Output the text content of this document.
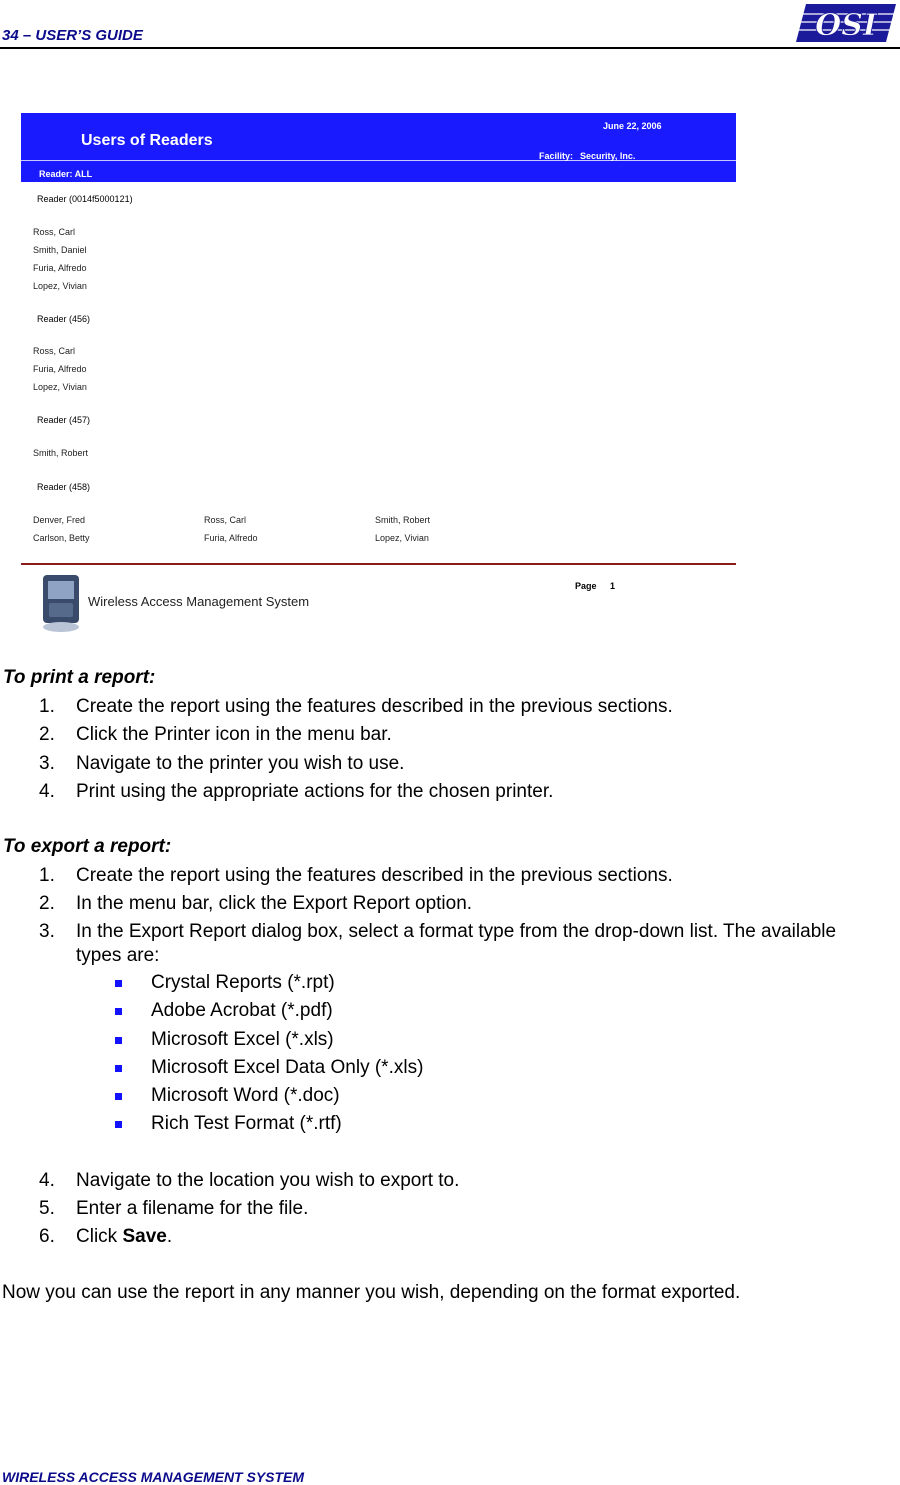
34 – USER’S GUIDE	OSI
Users of Readers
June 22, 2006
Facility: Security, Inc.
Reader: ALL
Reader (0014f5000121)
Ross, Carl
Smith, Daniel
Furia, Alfredo
Lopez, Vivian
Reader (456)
Ross, Carl
Furia, Alfredo
Lopez, Vivian
Reader (457)
Smith, Robert
Reader (458)
Denver, Fred
Carlson, Betty
Ross, Carl
Furia, Alfredo
Smith, Robert
Lopez, Vivian
Wireless Access Management System
Page 1
To print a report:
1. Create the report using the features described in the previous sections.
2. Click the Printer icon in the menu bar.
3. Navigate to the printer you wish to use.
4. Print using the appropriate actions for the chosen printer.
To export a report:
1. Create the report using the features described in the previous sections.
2. In the menu bar, click the Export Report option.
3. In the Export Report dialog box, select a format type from the drop-down list. The available types are:
Crystal Reports (*.rpt)
Adobe Acrobat (*.pdf)
Microsoft Excel (*.xls)
Microsoft Excel Data Only (*.xls)
Microsoft Word (*.doc)
Rich Test Format (*.rtf)
4. Navigate to the location you wish to export to.
5. Enter a filename for the file.
6. Click Save.
Now you can use the report in any manner you wish, depending on the format exported.
WIRELESS ACCESS MANAGEMENT SYSTEM
